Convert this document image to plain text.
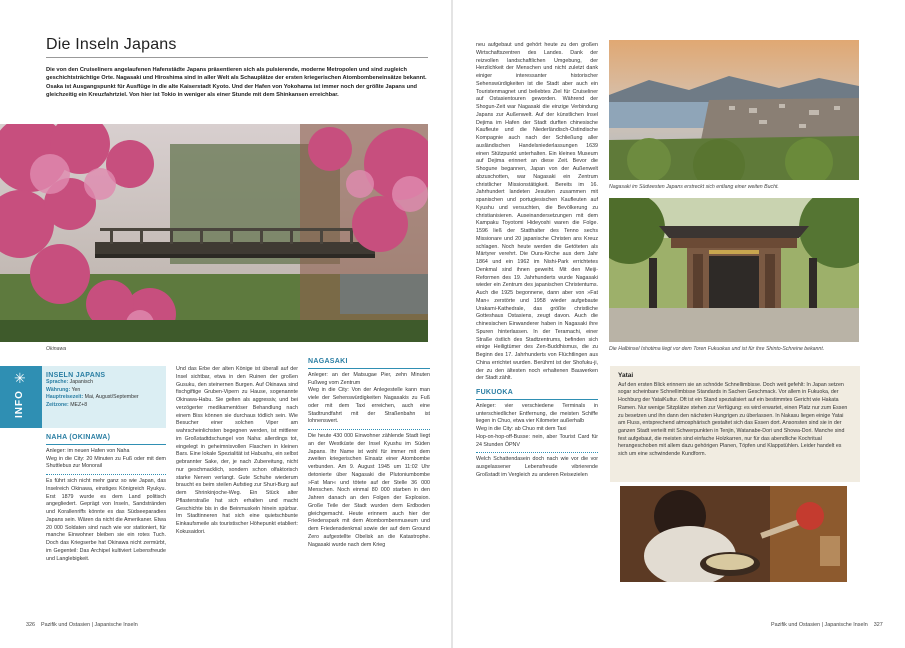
Die Inseln Japans
Die von den Cruiseliners angelaufenen Hafenstädte Japans präsentieren sich als pulsierende, moderne Metropolen und sind zugleich geschichtsträchtige Orte. Nagasaki und Hiroshima sind in aller Welt als Schauplätze der ersten kriegerischen Atombombeneinsätze bekannt. Osaka ist Ausgangspunkt für Ausflüge in die alte Kaiserstadt Kyoto. Und der Hafen von Yokohama ist immer noch der größte Japans und gleichzeitig ein Kreuzfahrtziel. Von hier ist Tokio in weniger als einer Stunde mit dem Shinkansen erreichbar.
Okinawa
✳
INFO
INSELN JAPANS
Sprache: Japanisch
Währung: Yen
Hauptreisezeit: Mai, August/September
Zeitzone: MEZ+8
NAHA (OKINAWA)
Anleger: im neuen Hafen von Naha
Weg in die City: 20 Minuten zu Fuß oder mit dem Shuttlebus zur Monorail
Es führt sich nicht mehr ganz so wie Japan, das Inselreich Okinawa, einstiges Königreich Ryukyu. Erst 1879 wurde es dem Land politisch angegliedert. Geprägt von Inseln, Sandstränden und Korallenriffs könnte es das Südseeparadies Japans sein. Wären da nicht die Amerikaner. Etwa 20 000 Soldaten sind nach wie vor stationiert, für manche Einwohner bleiben sie ein rotes Tuch. Doch das Kriegserbe hat Okinawa nicht zermürbt, im Gegenteil: Das Archipel kultiviert Lebensfreude und Langlebigkeit.
Und das Erbe der alten Könige ist überall auf der Insel sichtbar, etwa in den Ruinen der großen Gusuku, den steinernen Burgen. Auf Okinawa sind fischgiftige Gruben-Vipern zu Hause, sogenannte Okinawa-Habu. Sie gelten als aggressiv, und bei verzögerter medikamentöser Behandlung nach einem Biss können sie durchaus tödlich sein. Wie Besucher einer solchen Viper am wahrscheinlichsten begegnen werden, ist mittlerer im Großstadtdschungel von Naha: allerdings tot, eingelegt in geheimnisvollen Flaschen in kleinen Bars. Eine lokale Spezialität ist Habushu, ein selbst gebrannter Sake, der, je nach Zubereitung, nicht nur geschmacklich, sondern schon olfaktorisch starke Nerven verlangt. Gute Schuhe wiederum braucht es beim steilen Aufstieg zur Shuri-Burg auf dem Shrinkinjoche-Weg. Ein Stück alter Pflasterstraße hat sich erhalten und macht Geschichte bis in die Beinmuskeln hinein spürbar. Im Stadtinneren hat sich eine quietschbunte Einkaufsmeile als touristischer Höhepunkt etabliert: Kokusaidori.
NAGASAKI
Anleger: an der Matsugae Pier, zehn Minuten Fußweg vom Zentrum
Weg in die City: Von der Anlegestelle kann man viele der Sehenswürdigkeiten Nagasakis zu Fuß oder mit dem Taxi erreichen, auch eine Stadtrundfahrt mit der Straßenbahn ist lohnenswert.
Die heute 430 000 Einwohner zählende Stadt liegt an der Westküste der Insel Kyushu im Süden Japans. Ihr Name ist wohl für immer mit dem zweiten kriegerischen Einsatz einer Atombombe verbunden. Am 9. August 1945 um 11:02 Uhr detonierte über Nagasaki die Plutoniumbombe »Fat Man« und tötete auf der Stelle 36 000 Menschen. Noch einmal 80 000 starben in den Jahren danach an den Folgen der Explosion. Große Teile der Stadt wurden dem Erdboden gleichgemacht. Heute erinnern auch hier der Friedenspark mit dem Atombombenmuseum und dem Friedensdenkmal sowie der auf dem Ground Zero aufgestellte Obelisk an die Katastrophe. Nagasaki wurde nach dem Krieg
326 Pazifik und Ostasien | Japanische Inseln
neu aufgebaut und gehört heute zu den großen Wirtschaftszentren des Landes. Dank der reizvollen landschaftlichen Umgebung, der Herzlichkeit der Menschen und nicht zuletzt dank einiger interessanter historischer Sehenswürdigkeiten ist die Stadt aber auch ein Touristenmagnet und beliebtes Ziel für Cruiseliner auf Ostasientouren geworden. Während der Shogun-Zeit war Nagasaki die einzige Verbindung Japans zur Außenwelt. Auf der künstlichen Insel Dejima im Hafen der Stadt durften chinesische Kaufleute und die Niederländisch-Ostindische Kompagnie auch nach der Schließung aller ausländischen Handelsniederlassungen 1639 einen Stützpunkt unterhalten. Ein kleines Museum auf Dejima erinnert an diese Zeit. Bevor die Shogune begannen, Japan von der Außenwelt abzuschotten, war Nagasaki ein Zentrum christlicher Missionstätigkeit. Bereits im 16. Jahrhundert landeten Jesuiten zusammen mit spanischen und portugiesischen Kaufleuten auf Kyushu und versuchten, die Bevölkerung zu christianisieren. Auseinandersetzungen mit dem Kampaku Toyotomi Hideyoshi waren die Folge. 1596 ließ der Statthalter des Tenno sechs Missionare und 20 japanische Christen ans Kreuz schlagen. Noch heute werden die Getöteten als Märtyrer verehrt. Die Oura-Kirche aus dem Jahr 1864 und ein 1962 im Nishi-Park errichtetes Denkmal sind ihnen geweiht. Mit den Meiji-Reformen des 19. Jahrhunderts wurde Nagasaki wieder ein Zentrum des japanischen Christentums. Auch die 1925 begonnene, dann aber von »Fat Man« zerstörte und 1958 wieder aufgebaute Urakami-Kathedrale, das größte christliche Gotteshaus Ostasiens, zeugt davon. Auch die chinesischen Einwanderer haben in Nagasaki ihre Spuren hinterlassen. In der Teramachi, einer Straße östlich des Stadtzentrums, befinden sich einige Heiligtümer des Zen-Buddhismus, die zu Beginn des 17. Jahrhunderts von Flüchtlingen aus China errichtet wurden. Berühmt ist der Shofuku-ji, der zu den ältesten noch erhaltenen Bauwerken der Stadt zählt.
FUKUOKA
Anleger: vier verschiedene Terminals in unterschiedlicher Entfernung, die meisten Schiffe liegen in Chuo, etwa vier Kilometer außerhalb
Weg in die City: ab Chuo mit dem Taxi
Hop-on-hop-off-Busse: nein, aber Tourist Card für 24 Stunden ÖPNV
Welch Schattendasein doch nach wie vor die vor ausgelassener Lebensfreude vibrierende Großstadt im Vergleich zu anderen Reisezielen
Nagasaki im Südwesten Japans erstreckt sich entlang einer weiten Bucht.
Die Halbinsel Ishotima liegt vor dem Toren Fukuokas und ist für ihre Shinto-Schreine bekannt.
Yatai
Auf den ersten Blick erinnern sie an schnöde Schnellimbisse. Doch weit gefehlt: In Japan setzen sogar scheinbare Schnellimbisse Standards in Sachen Geschmack. Vor allem in Fukuoka, der Hochburg der YataiKultur. Oft ist ein Stand spezialisiert auf ein bestimmtes Gericht wie Hakata Ramen. Nur wenige Sitzplätze stehen zur Verfügung: es wird erwartet, einen Platz nur zum Essen zu besetzen und ihn dann den nächsten Hungrigen zu überlassen. In Nakasu liegen einige Yatai am Fluss, entsprechend atmosphärisch gestaltet sich das Essen dort. Ansonsten sind sie in der ganzen Stadt verteilt mit Schwerpunkten in Tenjin, Watanabe-Dori und Showa-Dori. Manche sind fest aufgebaut, die meisten sind einfache Holzkarren, nur für das abendliche Kochritual herangeschoben mit allem dazu gehörigen Planen, Töpfen und Klappstühlen. Leider handelt es sich um eine schwindende Kundform.
Pazifik und Ostasien | Japanische Inseln 327
